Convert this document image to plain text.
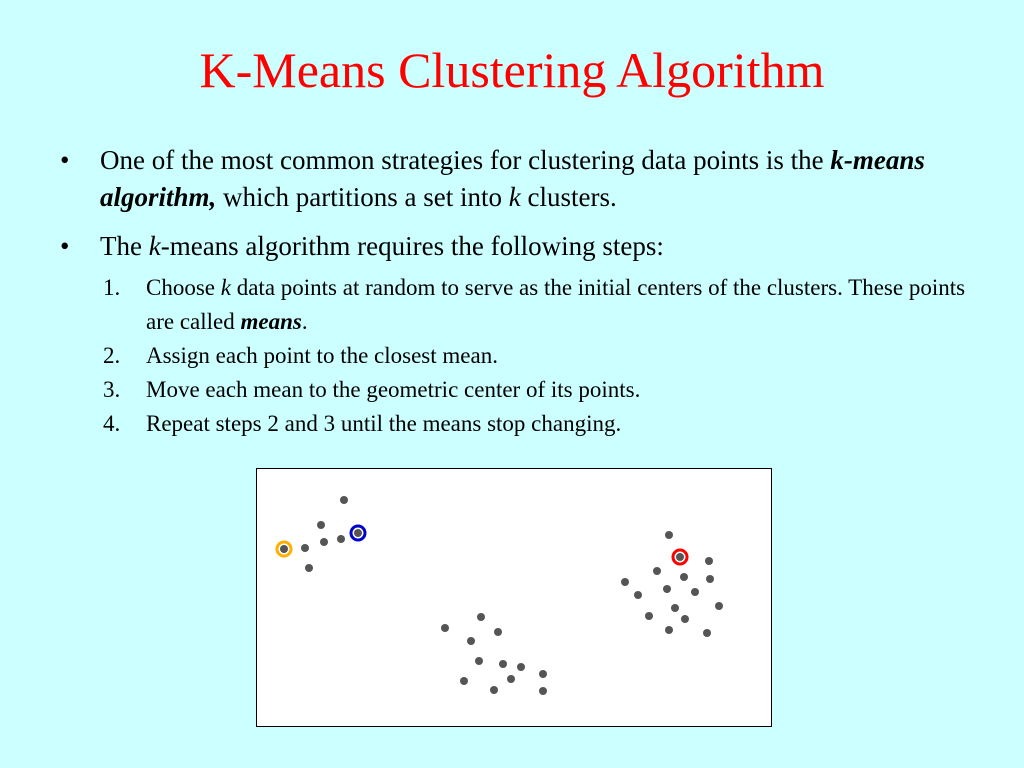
K-Means Clustering Algorithm
• One of the most common strategies for clustering data points is the k-means algorithm, which partitions a set into k clusters.
• The k-means algorithm requires the following steps:
1. Choose k data points at random to serve as the initial centers of the clusters. These points are called means.
2. Assign each point to the closest mean.
3. Move each mean to the geometric center of its points.
4. Repeat steps 2 and 3 until the means stop changing.
